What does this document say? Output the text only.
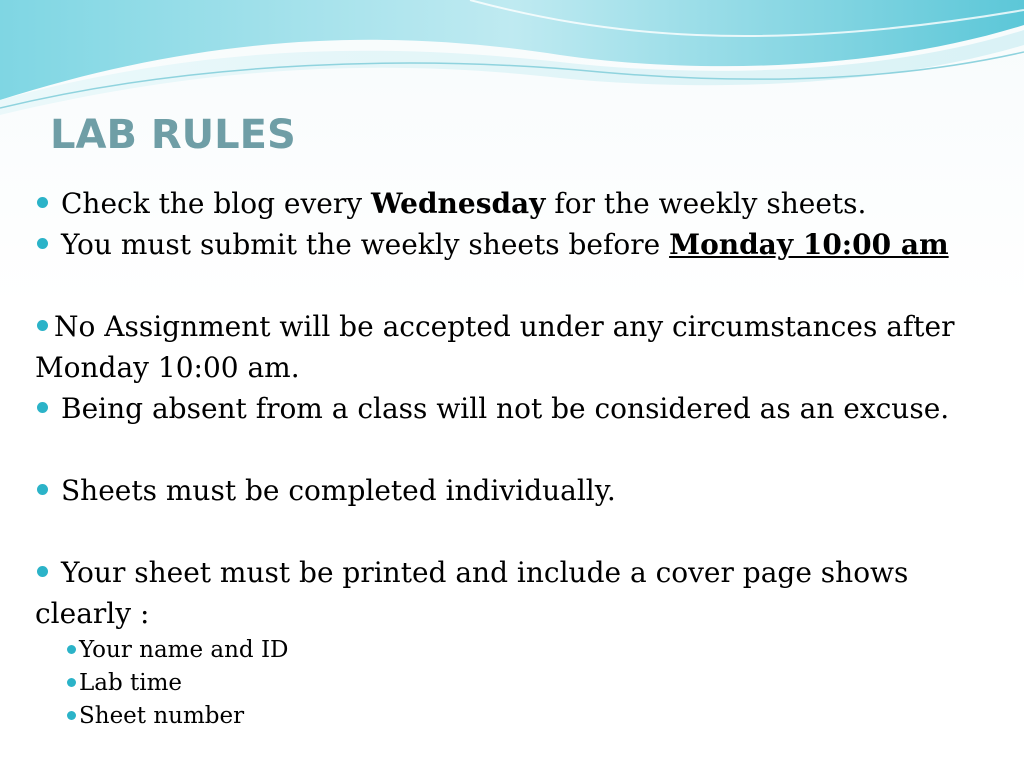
LAB RULES

Check the blog every Wednesday for the weekly sheets.

You must submit the weekly sheets before Monday 10:00 am

No Assignment will be accepted under any circumstances after
Monday 10:00 am.

Being absent from a class will not be considered as an excuse.

Sheets must be completed individually.

Your sheet must be printed and include a cover page shows
clearly :

Your name and ID

Lab time

Sheet number
